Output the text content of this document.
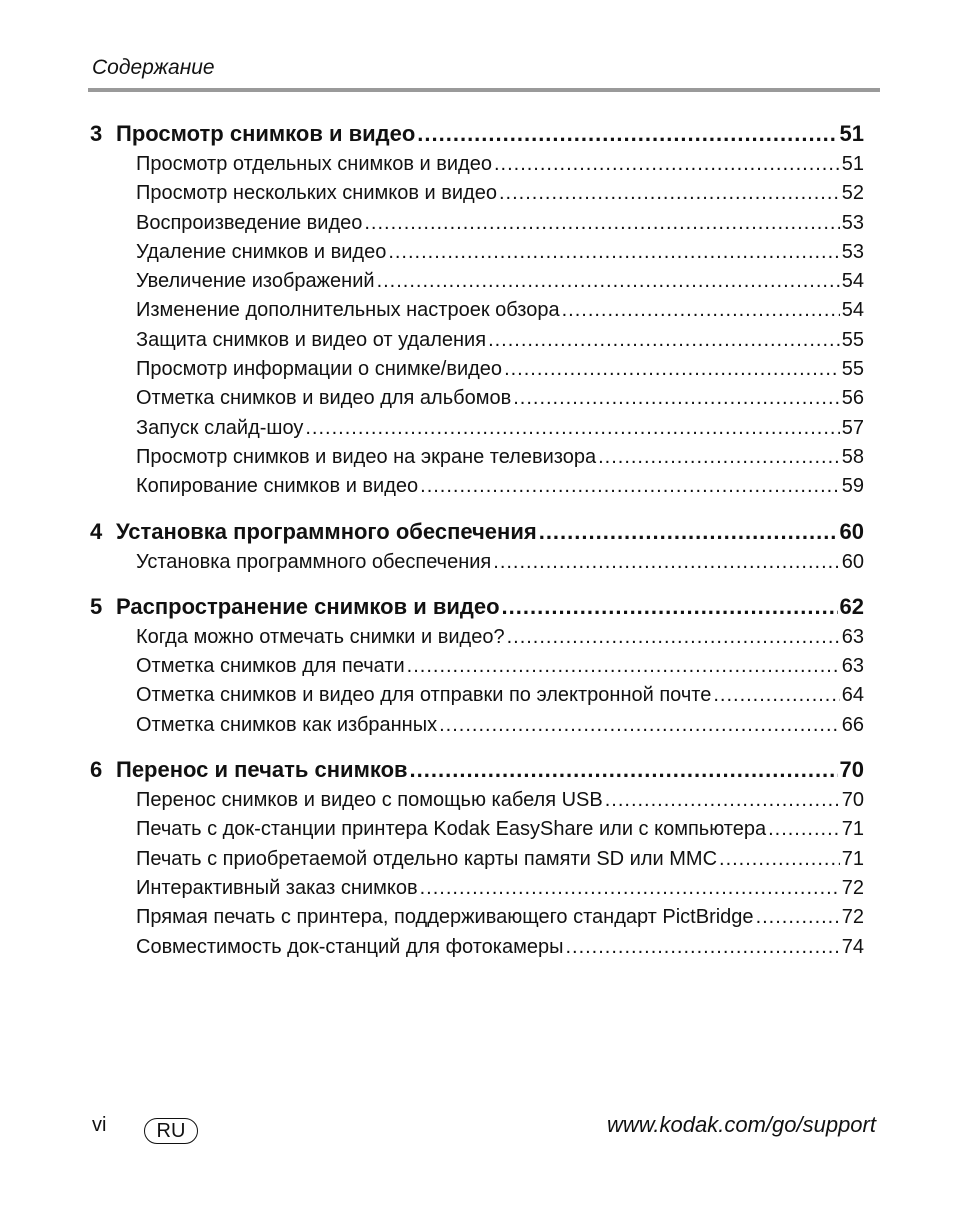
Содержание
3 Просмотр снимков и видео .....	51
Просмотр отдельных снимков и видео .....	51
Просмотр нескольких снимков и видео .....	52
Воспроизведение видео .....	53
Удаление снимков и видео .....	53
Увеличение изображений .....	54
Изменение дополнительных настроек обзора .....	54
Защита снимков и видео от удаления .....	55
Просмотр информации о снимке/видео .....	55
Отметка снимков и видео для альбомов .....	56
Запуск слайд-шоу .....	57
Просмотр снимков и видео на экране телевизора .....	58
Копирование снимков и видео .....	59
4 Установка программного обеспечения .....	60
Установка программного обеспечения .....	60
5 Распространение снимков и видео .....	62
Когда можно отмечать снимки и видео? .....	63
Отметка снимков для печати .....	63
Отметка снимков и видео для отправки по электронной почте .....	64
Отметка снимков как избранных .....	66
6 Перенос и печать снимков .....	70
Перенос снимков и видео с помощью кабеля USB .....	70
Печать с док-станции принтера Kodak EasyShare или с компьютера .....	71
Печать с приобретаемой отдельно карты памяти SD или MMC .....	71
Интерактивный заказ снимков .....	72
Прямая печать с принтера, поддерживающего стандарт PictBridge .....	72
Совместимость док-станций для фотокамеры .....	74
vi	RU	www.kodak.com/go/support
